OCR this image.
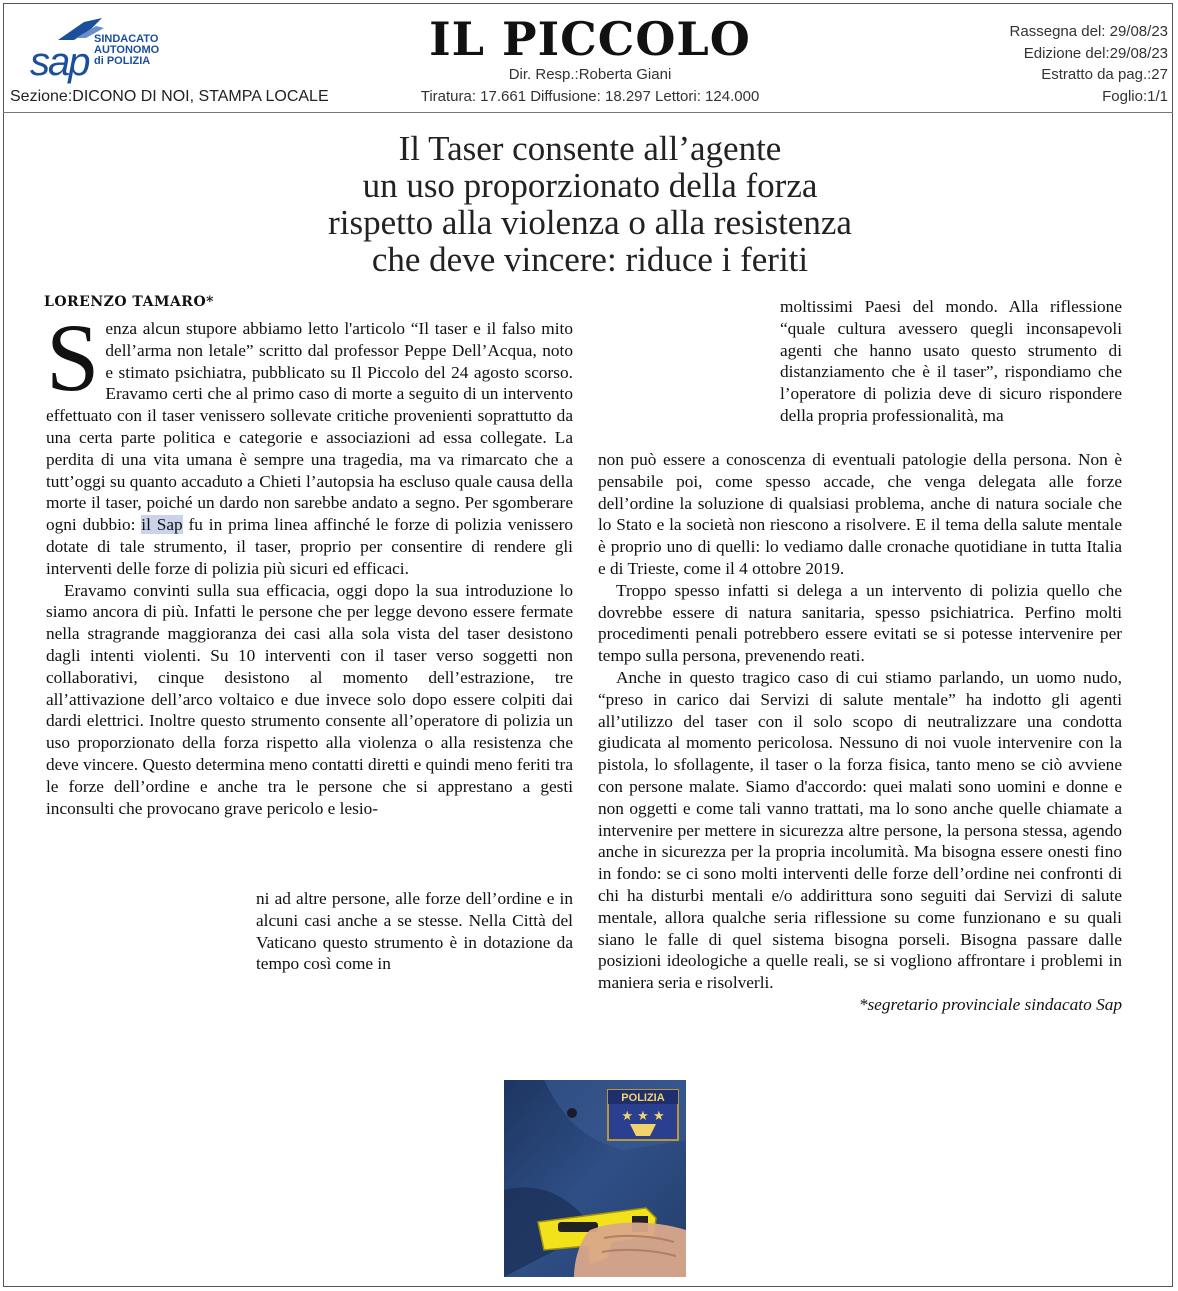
sap
SINDACATO
AUTONOMO
di POLIZIA	IL PICCOLO
Dir. Resp.:Roberta Giani
Tiratura: 17.661 Diffusione: 18.297 Lettori: 124.000
Sezione:DICONO DI NOI, STAMPA LOCALE
Rassegna del: 29/08/23
Edizione del:29/08/23
Estratto da pag.:27
Foglio:1/1
Il Taser consente all’agente
un uso proporzionato della forza
rispetto alla violenza o alla resistenza
che deve vincere: riduce i feriti
LORENZO TAMARO*

Senza alcun stupore abbiamo letto l'articolo “Il taser e il falso mito dell’arma non letale” scritto dal professor Peppe Dell’Acqua, noto e stimato psichiatra, pubblicato su Il Piccolo del 24 agosto scorso. Eravamo certi che al primo caso di morte a seguito di un intervento effettuato con il taser venissero sollevate critiche provenienti soprattutto da una certa parte politica e categorie e associazioni ad essa collegate. La perdita di una vita umana è sempre una tragedia, ma va rimarcato che a tutt’oggi su quanto accaduto a Chieti l’autopsia ha escluso quale causa della morte il taser, poiché un dardo non sarebbe andato a segno. Per sgomberare ogni dubbio: il Sap fu in prima linea affinché le forze di polizia venissero dotate di tale strumento, il taser, proprio per consentire di rendere gli interventi delle forze di polizia più sicuri ed efficaci.

Eravamo convinti sulla sua efficacia, oggi dopo la sua introduzione lo siamo ancora di più. Infatti le persone che per legge devono essere fermate nella stragrande maggioranza dei casi alla sola vista del taser desistono dagli intenti violenti. Su 10 interventi con il taser verso soggetti non collaborativi, cinque desistono al momento dell’estrazione, tre all’attivazione dell’arco voltaico e due invece solo dopo essere colpiti dai dardi elettrici. Inoltre questo strumento consente all’operatore di polizia un uso proporzionato della forza rispetto alla violenza o alla resistenza che deve vincere. Questo determina meno contatti diretti e quindi meno feriti tra le forze dell’ordine e anche tra le persone che si apprestano a gesti inconsulti che provocano grave pericolo e lesio-

ni ad altre persone, alle forze dell’ordine e in alcuni casi anche a se stesse. Nella Città del Vaticano questo strumento è in dotazione da tempo così come in

moltissimi Paesi del mondo. Alla riflessione “quale cultura avessero quegli inconsapevoli agenti che hanno usato questo strumento di distanziamento che è il taser”, rispondiamo che l’operatore di polizia deve di sicuro rispondere della propria professionalità, ma

non può essere a conoscenza di eventuali patologie della persona. Non è pensabile poi, come spesso accade, che venga delegata alle forze dell’ordine la soluzione di qualsiasi problema, anche di natura sociale che lo Stato e la società non riescono a risolvere. E il tema della salute mentale è proprio uno di quelli: lo vediamo dalle cronache quotidiane in tutta Italia e di Trieste, come il 4 ottobre 2019.

Troppo spesso infatti si delega a un intervento di polizia quello che dovrebbe essere di natura sanitaria, spesso psichiatrica. Perfino molti procedimenti penali potrebbero essere evitati se si potesse intervenire per tempo sulla persona, prevenendo reati.

Anche in questo tragico caso di cui stiamo parlando, un uomo nudo, “preso in carico dai Servizi di salute mentale” ha indotto gli agenti all’utilizzo del taser con il solo scopo di neutralizzare una condotta giudicata al momento pericolosa. Nessuno di noi vuole intervenire con la pistola, lo sfollagente, il taser o la forza fisica, tanto meno se ciò avviene con persone malate. Siamo d'accordo: quei malati sono uomini e donne e non oggetti e come tali vanno trattati, ma lo sono anche quelle chiamate a intervenire per mettere in sicurezza altre persone, la persona stessa, agendo anche in sicurezza per la propria incolumità. Ma bisogna essere onesti fino in fondo: se ci sono molti interventi delle forze dell’ordine nei confronti di chi ha disturbi mentali e/o addirittura sono seguiti dai Servizi di salute mentale, allora qualche seria riflessione su come funzionano e su quali siano le falle di quel sistema bisogna porseli. Bisogna passare dalle posizioni ideologiche a quelle reali, se si vogliono affrontare i problemi in maniera seria e risolverli.

*segretario provinciale sindacato Sap

POLIZIA
★ ★ ★
